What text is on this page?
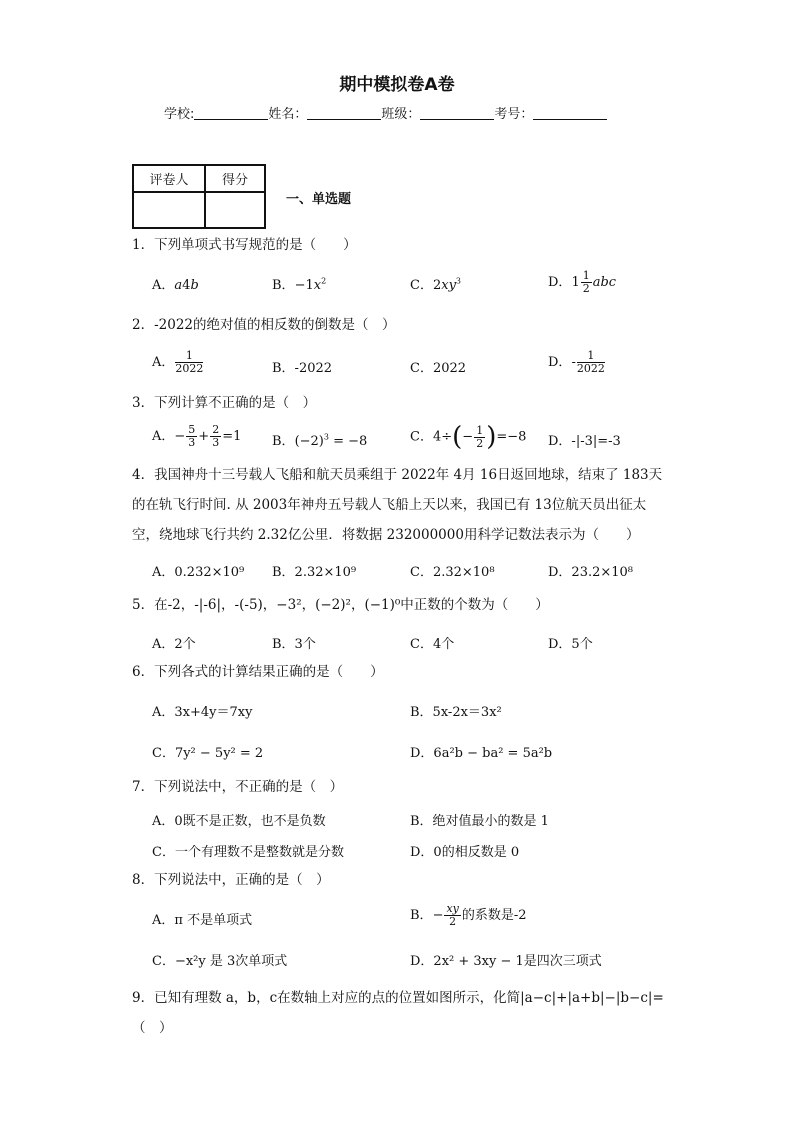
期中模拟卷A卷
学校:	姓名：	班级：	考号：
评卷人	得分

一、单选题
1．下列单项式书写规范的是（　　）
A．a4b	B．$-1x^2$	C．$2xy^3$	D．$1 \frac{1}{2}$ abc
2．-2022的绝对值的相反数的倒数是（　）
A． $\frac{1}{2022}$	B．-2022	C．2022	D．- $\frac{1}{2022}$
3．下列计算不正确的是（　）
A．− $\frac{5}{3} + \frac{2}{3} =1$ B．$(-2)^3 = -8$	C．$4\div(- \frac{1}{2} )=-8$ D．-|-3|=-3
4．我国神舟十三号载人飞船和航天员乘组于 2022年 4月 16日返回地球，结束了 183天的在轨飞行时间. 从 2003年神舟五号载人飞船上天以来，我国已有 13位航天员出征太空，绕地球飞行共约 2.32亿公里．将数据 232000000用科学记数法表示为（　　）
A．0.232×10⁹ B．2.32×10⁹	C．2.32×10⁸	D．23.2×10⁸
5．在-2，-|-6|，-(-5)，−3²，(−2)²，(−1)⁰中正数的个数为（　　）
A．2个	B．3个	C．4个	D．5个
6．下列各式的计算结果正确的是（　　）
A．3x+4y＝7xy	B．5x-2x＝3x²
C．7y² − 5y² = 2	D．6a²b − ba² = 5a²b
7．下列说法中，不正确的是（　）
A．0既不是正数，也不是负数	B．绝对值最小的数是 1
C．一个有理数不是整数就是分数	D．0的相反数是 0
8．下列说法中，正确的是（　）
A．π 不是单项式	B．− $\frac{xy}{2}$ 的系数是-2
C．−x²y 是 3次单项式	D．2x² + 3xy − 1是四次三项式
9．已知有理数 a，b，c在数轴上对应的点的位置如图所示，化简|a−c|+|a+b|−|b−c|=（　）
